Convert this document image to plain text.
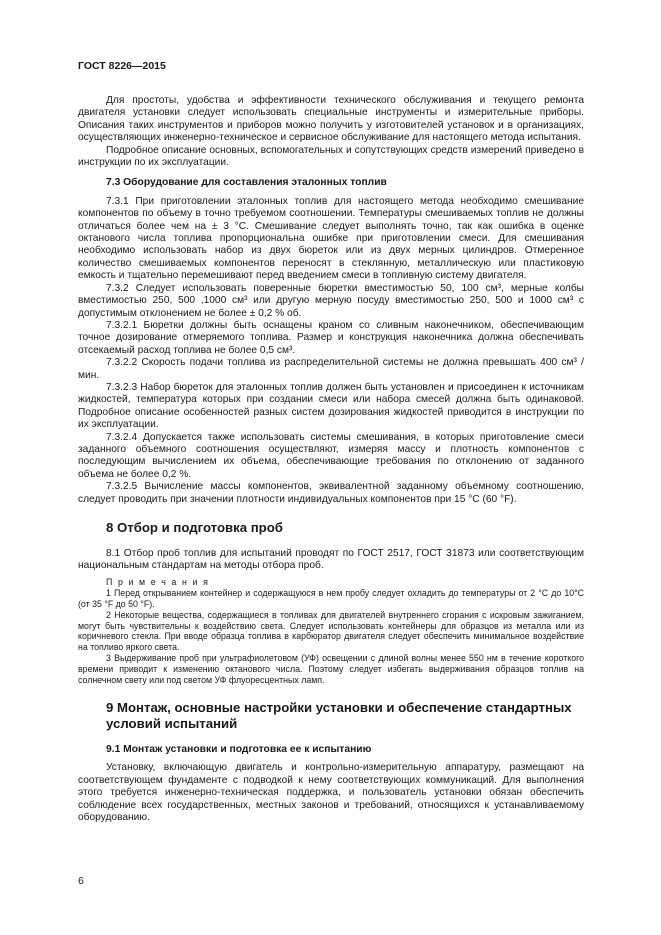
ГОСТ 8226—2015

Для простоты, удобства и эффективности технического обслуживания и текущего ремонта двигателя установки следует использовать специальные инструменты и измерительные приборы. Описания таких инструментов и приборов можно получить у изготовителей установок и в организациях, осуществляющих инженерно-техническое и сервисное обслуживание для настоящего метода испытания.

Подробное описание основных, вспомогательных и сопутствующих средств измерений приведено в инструкции по их эксплуатации.

7.3 Оборудование для составления эталонных топлив

7.3.1 При приготовлении эталонных топлив для настоящего метода необходимо смешивание компонентов по объему в точно требуемом соотношении. Температуры смешиваемых топлив не должны отличаться более чем на ± 3 °С. Смешивание следует выполнять точно, так как ошибка в оценке октанового числа топлива пропорциональна ошибке при приготовлении смеси. Для смешивания необходимо использовать набор из двух бюреток или из двух мерных цилиндров. Отмеренное количество смешиваемых компонентов переносят в стеклянную, металлическую или пластиковую емкость и тщательно перемешивают перед введением смеси в топливную систему двигателя.

7.3.2 Следует использовать поверенные бюретки вместимостью 50, 100 см³, мерные колбы вместимостью 250, 500 ,1000 см³ или другую мерную посуду вместимостью 250, 500 и 1000 см³ с допустимым отклонением не более ± 0,2 % об.

7.3.2.1 Бюретки должны быть оснащены краном со сливным наконечником, обеспечивающим точное дозирование отмеряемого топлива. Размер и конструкция наконечника должна обеспечивать отсекаемый расход топлива не более 0,5 см³.

7.3.2.2 Скорость подачи топлива из распределительной системы не должна превышать 400 см³ /мин.

7.3.2.3 Набор бюреток для эталонных топлив должен быть установлен и присоединен к источникам жидкостей, температура которых при создании смеси или набора смесей должна быть одинаковой. Подробное описание особенностей разных систем дозирования жидкостей приводится в инструкции по их эксплуатации.

7.3.2.4 Допускается также использовать системы смешивания, в которых приготовление смеси заданного объемного соотношения осуществляют, измеряя массу и плотность компонентов с последующим вычислением их объема, обеспечивающие требования по отклонению от заданного объема не более 0,2 %.

7.3.2.5 Вычисление массы компонентов, эквивалентной заданному объемному соотношению, следует проводить при значении плотности индивидуальных компонентов при 15 °С (60 °F).

8 Отбор и подготовка проб

8.1 Отбор проб топлив для испытаний проводят по ГОСТ 2517, ГОСТ 31873 или соответствующим национальным стандартам на методы отбора проб.

П р и м е ч а н и я

1 Перед открыванием контейнер и содержащуюся в нем пробу следует охладить до температуры от 2 °С до 10°С (от 35 °F до 50 °F).

2 Некоторые вещества, содержащиеся в топливах для двигателей внутреннего сгорания с искровым зажиганием, могут быть чувствительны к воздействию света. Следует использовать контейнеры для образцов из металла или из коричневого стекла. При вводе образца топлива в карбюратор двигателя следует обеспечить минимальное воздействие на топливо яркого света.

3 Выдерживание проб при ультрафиолетовом (УФ) освещении с длиной волны менее 550 нм в течение короткого времени приводит к изменению октанового числа. Поэтому следует избегать выдерживания образцов топлив на солнечном свету или под светом УФ флуоресцентных ламп.

9 Монтаж, основные настройки установки и обеспечение стандартных условий испытаний
9.1 Монтаж установки и подготовка ее к испытанию

Установку, включающую двигатель и контрольно-измерительную аппаратуру, размещают на соответствующем фундаменте с подводкой к нему соответствующих коммуникаций. Для выполнения этого требуется инженерно-техническая поддержка, и пользователь установки обязан обеспечить соблюдение всех государственных, местных законов и требований, относящихся к устанавливаемому оборудованию.

6
